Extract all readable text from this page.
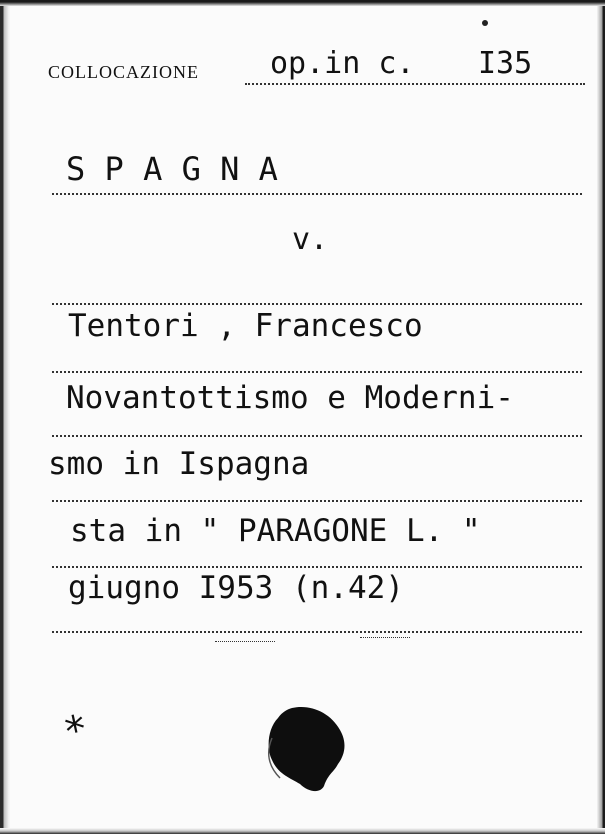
COLLOCAZIONE op.in c. I35
S P A G N A
v.
Tentori , Francesco
Novantottismo e Moderni-
smo in Ispagna
sta in " PARAGONE L. "
giugno I953 (n.42)
*
